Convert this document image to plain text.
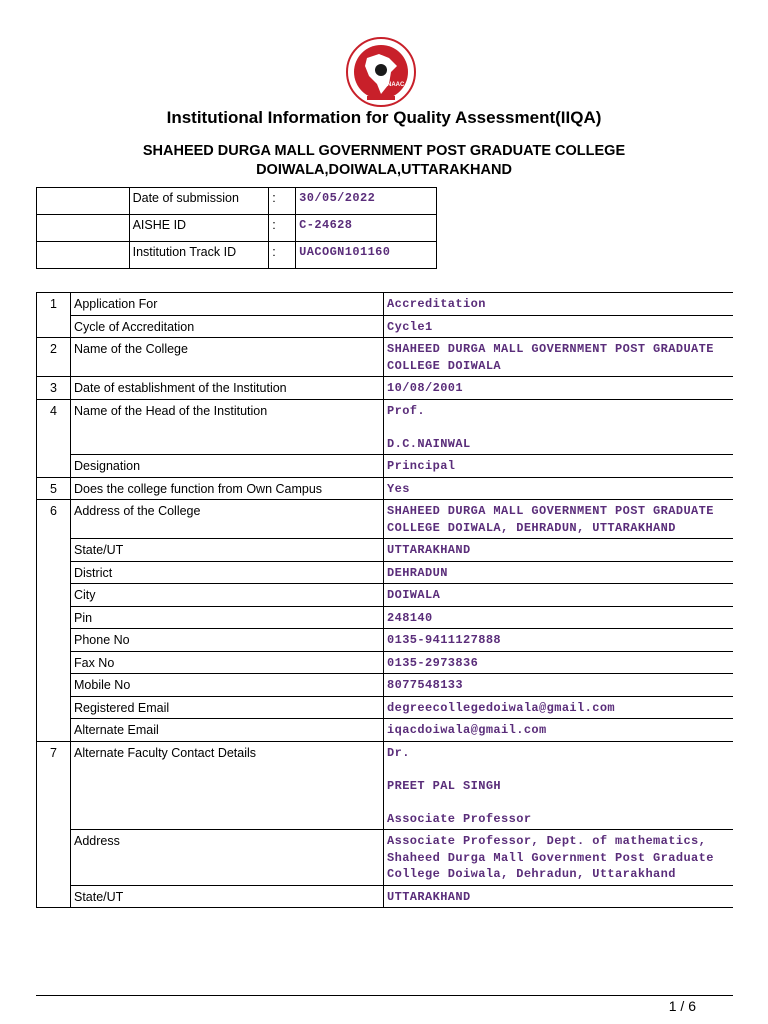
NAAC
Institutional Information for Quality Assessment(IIQA)
SHAHEED DURGA MALL GOVERNMENT POST GRADUATE COLLEGE
DOIWALA,DOIWALA,UTTARAKHAND
	Date of submission	:	30/05/2022
	AISHE ID	:	C-24628
	Institution Track ID	:	UACOGN101160
1	Application For	Accreditation
	Cycle of Accreditation	Cycle1
2	Name of the College	SHAHEED DURGA MALL GOVERNMENT POST GRADUATE COLLEGE DOIWALA
3	Date of establishment of the Institution	10/08/2001
4	Name of the Head of the Institution	Prof.

D.C.NAINWAL
	Designation	Principal
5	Does the college function from Own Campus	Yes
6	Address of the College	SHAHEED DURGA MALL GOVERNMENT POST GRADUATE COLLEGE DOIWALA, DEHRADUN, UTTARAKHAND
	State/UT	UTTARAKHAND
	District	DEHRADUN
	City	DOIWALA
	Pin	248140
	Phone No	0135-9411127888
	Fax No	0135-2973836
	Mobile No	8077548133
	Registered Email	degreecollegedoiwala@gmail.com
	Alternate Email	iqacdoiwala@gmail.com
7	Alternate Faculty Contact Details	Dr.

PREET PAL SINGH

Associate Professor
	Address	Associate Professor, Dept. of mathematics, Shaheed Durga Mall Government Post Graduate College Doiwala, Dehradun, Uttarakhand
	State/UT	UTTARAKHAND
1 / 6
